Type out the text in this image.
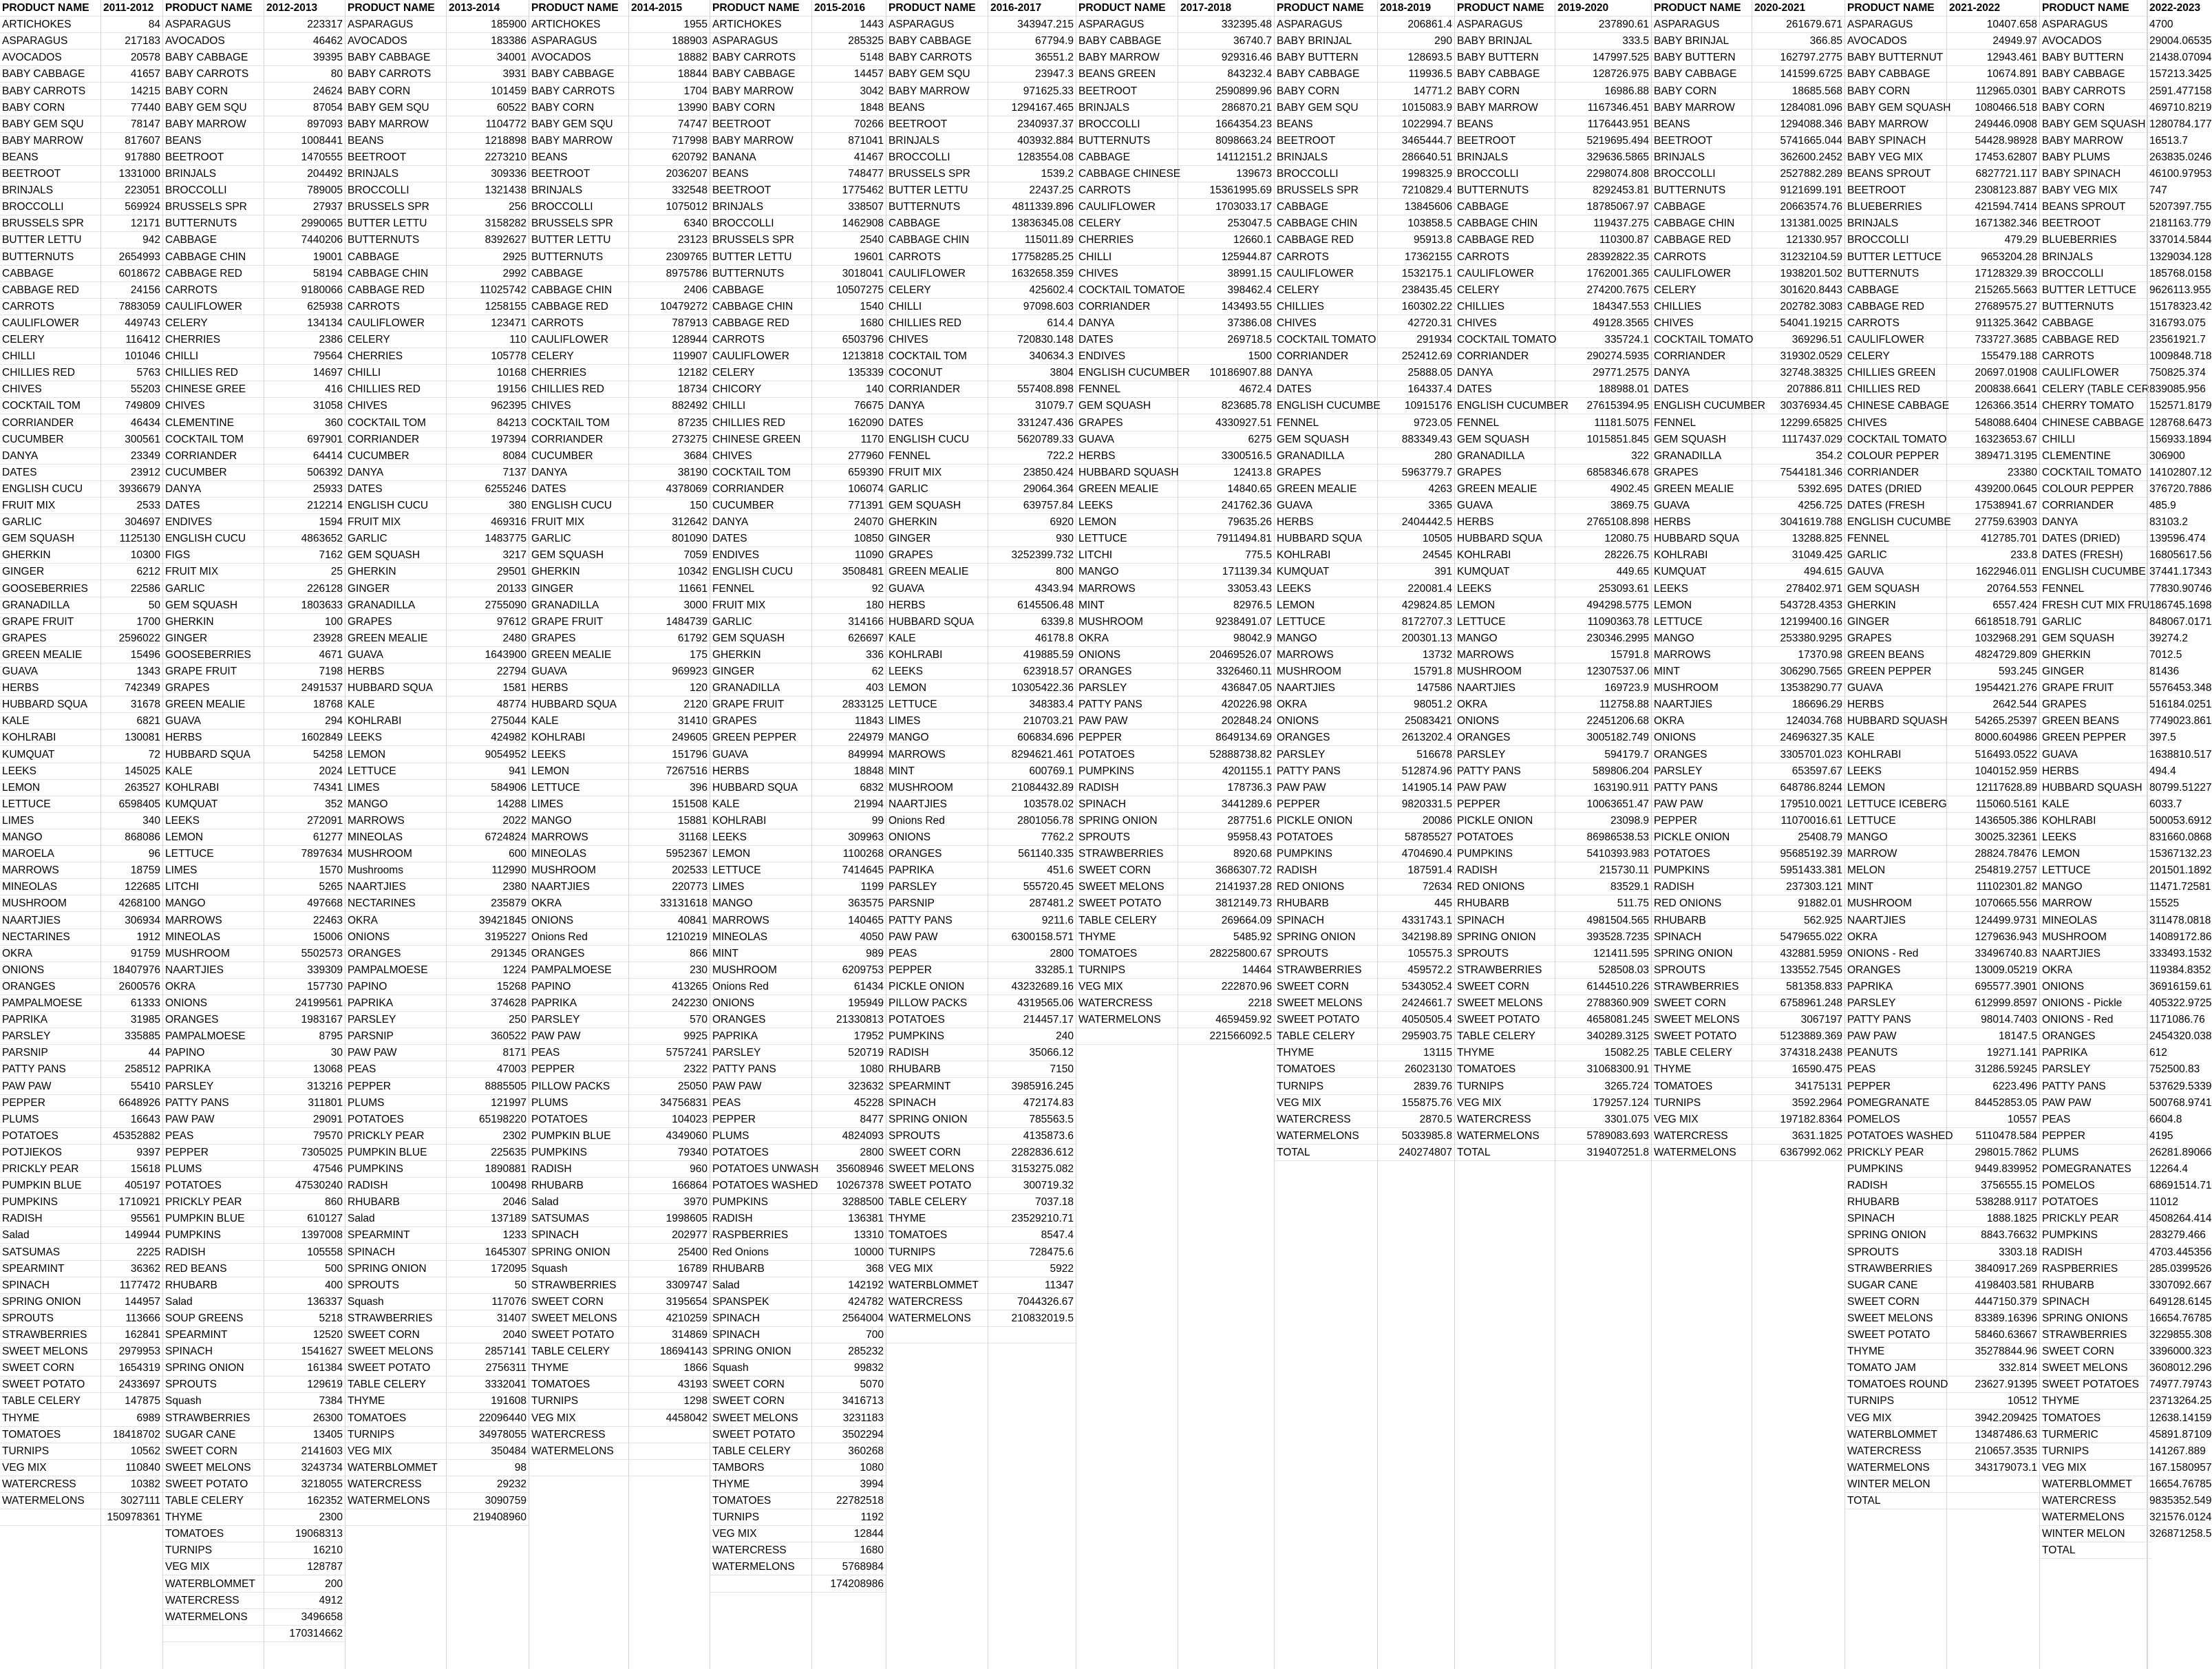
PRODUCT NAME
ARTICHOKES
ASPARAGUS
AVOCADOS
BABY CABBAGE
BABY CARROTS
BABY CORN
BABY GEM SQU
BABY MARROW
BEANS
BEETROOT
BRINJALS
BROCCOLLI
BRUSSELS SPR
BUTTER LETTU
BUTTERNUTS
CABBAGE
CABBAGE RED
CARROTS
CAULIFLOWER
CELERY
CHILLI
CHILLIES RED
CHIVES
COCKTAIL TOM
CORRIANDER
CUCUMBER
DANYA
DATES
ENGLISH CUCU
FRUIT MIX
GARLIC
GEM SQUASH
GHERKIN
GINGER
GOOSEBERRIES
GRANADILLA
GRAPE FRUIT
GRAPES
GREEN MEALIE
GUAVA
HERBS
HUBBARD SQUA
KALE
KOHLRABI
KUMQUAT
LEEKS
LEMON
LETTUCE
LIMES
MANGO
MAROELA
MARROWS
MINEOLAS
MUSHROOM
NAARTJIES
NECTARINES
OKRA
ONIONS
ORANGES
PAMPALMOESE
PAPRIKA
PARSLEY
PARSNIP
PATTY PANS
PAW PAW
PEPPER
PLUMS
POTATOES
POTJIEKOS
PRICKLY PEAR
PUMPKIN BLUE
PUMPKINS
RADISH
Salad
SATSUMAS
SPEARMINT
SPINACH
SPRING ONION
SPROUTS
STRAWBERRIES
SWEET MELONS
SWEET CORN
SWEET POTATO
TABLE CELERY
THYME
TOMATOES
TURNIPS
VEG MIX
WATERCRESS
WATERMELONS
2011-2012
84
217183
20578
41657
14215
77440
78147
817607
917880
1331000
223051
569924
12171
942
2654993
6018672
24156
7883059
449743
116412
101046
5763
55203
749809
46434
300561
23349
23912
3936679
2533
304697
1125130
10300
6212
22586
50
1700
2596022
15496
1343
742349
31678
6821
130081
72
145025
263527
6598405
340
868086
96
18759
122685
4268100
306934
1912
91759
18407976
2600576
61333
31985
335885
44
258512
55410
6648926
16643
45352882
9397
15618
405197
1710921
95561
149944
2225
36362
1177472
144957
113666
162841
2979953
1654319
2433697
147875
6989
18418702
10562
110840
10382
3027111
150978361
PRODUCT NAME
ASPARAGUS
AVOCADOS
BABY CABBAGE
BABY CARROTS
BABY CORN
BABY GEM SQU
BABY MARROW
BEANS
BEETROOT
BRINJALS
BROCCOLLI
BRUSSELS SPR
BUTTERNUTS
CABBAGE
CABBAGE CHIN
CABBAGE RED
CARROTS
CAULIFLOWER
CELERY
CHERRIES
CHILLI
CHILLIES RED
CHINESE GREE
CHIVES
CLEMENTINE
COCKTAIL TOM
CORRIANDER
CUCUMBER
DANYA
DATES
ENDIVES
ENGLISH CUCU
FIGS
FRUIT MIX
GARLIC
GEM SQUASH
GHERKIN
GINGER
GOOSEBERRIES
GRAPE FRUIT
GRAPES
GREEN MEALIE
GUAVA
HERBS
HUBBARD SQUA
KALE
KOHLRABI
KUMQUAT
LEEKS
LEMON
LETTUCE
LIMES
LITCHI
MANGO
MARROWS
MINEOLAS
MUSHROOM
NAARTJIES
OKRA
ONIONS
ORANGES
PAMPALMOESE
PAPINO
PAPRIKA
PARSLEY
PATTY PANS
PAW PAW
PEAS
PEPPER
PLUMS
POTATOES
PRICKLY PEAR
PUMPKIN BLUE
PUMPKINS
RADISH
RED BEANS
RHUBARB
Salad
SOUP GREENS
SPEARMINT
SPINACH
SPRING ONION
SPROUTS
Squash
STRAWBERRIES
SUGAR CANE
SWEET CORN
SWEET MELONS
SWEET POTATO
TABLE CELERY
THYME
TOMATOES
TURNIPS
VEG MIX
WATERBLOMMET
WATERCRESS
WATERMELONS
2012-2013
223317
46462
39395
80
24624
87054
897093
1008441
1470555
204492
789005
27937
2990065
7440206
19001
58194
9180066
625938
134134
2386
79564
14697
416
31058
360
697901
64414
506392
25933
212214
1594
4863652
7162
25
226128
1803633
100
23928
4671
7198
2491537
18768
294
1602849
54258
2024
74341
352
272091
61277
7897634
1570
5265
497668
22463
15006
5502573
339309
157730
24199561
1983167
8795
30
13068
313216
311801
29091
79570
7305025
47546
47530240
860
610127
1397008
105558
500
400
136337
5218
12520
1541627
161384
129619
7384
26300
13405
2141603
3243734
3218055
162352
2300
19068313
16210
128787
200
4912
3496658
170314662
PRODUCT NAME
ASPARAGUS
AVOCADOS
BABY CABBAGE
BABY CARROTS
BABY CORN
BABY GEM SQU
BABY MARROW
BEANS
BEETROOT
BRINJALS
BROCCOLLI
BRUSSELS SPR
BUTTER LETTU
BUTTERNUTS
CABBAGE
CABBAGE CHIN
CABBAGE RED
CARROTS
CAULIFLOWER
CELERY
CHERRIES
CHILLI
CHILLIES RED
CHIVES
COCKTAIL TOM
CORRIANDER
CUCUMBER
DANYA
DATES
ENGLISH CUCU
FRUIT MIX
GARLIC
GEM SQUASH
GHERKIN
GINGER
GRANADILLA
GRAPES
GREEN MEALIE
GUAVA
HERBS
HUBBARD SQUA
KALE
KOHLRABI
LEEKS
LEMON
LETTUCE
LIMES
MANGO
MARROWS
MINEOLAS
MUSHROOM
Mushrooms
NAARTJIES
NECTARINES
OKRA
ONIONS
ORANGES
PAMPALMOESE
PAPINO
PAPRIKA
PARSLEY
PARSNIP
PAW PAW
PEAS
PEPPER
PLUMS
POTATOES
PRICKLY PEAR
PUMPKIN BLUE
PUMPKINS
RADISH
RHUBARB
Salad
SPEARMINT
SPINACH
SPRING ONION
SPROUTS
Squash
STRAWBERRIES
SWEET CORN
SWEET MELONS
SWEET POTATO
TABLE CELERY
THYME
TOMATOES
TURNIPS
VEG MIX
WATERBLOMMET
WATERCRESS
WATERMELONS
2013-2014
185900
183386
34001
3931
101459
60522
1104772
1218898
2273210
309336
1321438
256
3158282
8392627
2925
2992
11025742
1258155
123471
110
105778
10168
19156
962395
84213
197394
8084
7137
6255246
380
469316
1483775
3217
29501
20133
2755090
97612
2480
1643900
22794
1581
48774
275044
424982
9054952
941
584906
14288
2022
6724824
600
112990
2380
235879
39421845
3195227
291345
1224
15268
374628
250
360522
8171
47003
8885505
121997
65198220
2302
225635
1890881
100498
2046
137189
1233
1645307
172095
50
117076
31407
2040
2857141
2756311
3332041
191608
22096440
34978055
350484
98
29232
3090759
219408960
PRODUCT NAME
ARTICHOKES
ASPARAGUS
AVOCADOS
BABY CABBAGE
BABY CARROTS
BABY CORN
BABY GEM SQU
BABY MARROW
BEANS
BEETROOT
BRINJALS
BROCCOLLI
BRUSSELS SPR
BUTTER LETTU
BUTTERNUTS
CABBAGE
CABBAGE CHIN
CABBAGE RED
CARROTS
CAULIFLOWER
CELERY
CHERRIES
CHILLIES RED
CHIVES
COCKTAIL TOM
CORRIANDER
CUCUMBER
DANYA
DATES
ENGLISH CUCU
FRUIT MIX
GARLIC
GEM SQUASH
GHERKIN
GINGER
GRANADILLA
GRAPE FRUIT
GRAPES
GREEN MEALIE
GUAVA
HERBS
HUBBARD SQUA
KALE
KOHLRABI
LEEKS
LEMON
LETTUCE
LIMES
MANGO
MARROWS
MINEOLAS
MUSHROOM
NAARTJIES
OKRA
ONIONS
Onions Red
ORANGES
PAMPALMOESE
PAPINO
PAPRIKA
PARSLEY
PAW PAW
PEAS
PEPPER
PILLOW PACKS
PLUMS
POTATOES
PUMPKIN BLUE
PUMPKINS
RADISH
RHUBARB
Salad
SATSUMAS
SPINACH
SPRING ONION
Squash
STRAWBERRIES
SWEET CORN
SWEET MELONS
SWEET POTATO
TABLE CELERY
THYME
TOMATOES
TURNIPS
VEG MIX
WATERCRESS
WATERMELONS
2014-2015
1955
188903
18882
18844
1704
13990
74747
717998
620792
2036207
332548
1075012
6340
23123
2309765
8975786
2406
10479272
787913
128944
119907
12182
18734
882492
87235
273275
3684
38190
4378069
150
312642
801090
7059
10342
11661
3000
1484739
61792
175
969923
120
2120
31410
249605
151796
7267516
396
151508
15881
31168
5952367
202533
220773
33131618
40841
1210219
866
230
413265
242230
570
9925
5757241
2322
25050
34756831
104023
4349060
79340
960
166864
3970
1998605
202977
25400
16789
3309747
3195654
4210259
314869
18694143
1866
43193
1298
4458042
PRODUCT NAME
ARTICHOKES
ASPARAGUS
BABY CARROTS
BABY CABBAGE
BABY MARROW
BABY CORN
BEETROOT
BABY MARROW
BANANA
BEANS
BEETROOT
BRINJALS
BROCCOLLI
BRUSSELS SPR
BUTTER LETTU
BUTTERNUTS
CABBAGE
CABBAGE CHIN
CABBAGE RED
CARROTS
CAULIFLOWER
CELERY
CHICORY
CHILLI
CHILLIES RED
CHINESE GREEN
CHIVES
COCKTAIL TOM
CORRIANDER
CUCUMBER
DANYA
DATES
ENDIVES
ENGLISH CUCU
FENNEL
FRUIT MIX
GARLIC
GEM SQUASH
GHERKIN
GINGER
GRANADILLA
GRAPE FRUIT
GRAPES
GREEN PEPPER
GUAVA
HERBS
HUBBARD SQUA
KALE
KOHLRABI
LEEKS
LEMON
LETTUCE
LIMES
MANGO
MARROWS
MINEOLAS
MINT
MUSHROOM
Onions Red
ONIONS
ORANGES
PAPRIKA
PARSLEY
PATTY PANS
PAW PAW
PEAS
PEPPER
PLUMS
POTATOES
POTATOES UNWASH
POTATOES WASHED
PUMPKINS
RADISH
RASPBERRIES
Red Onions
RHUBARB
Salad
SPANSPEK
SPINACH
SPINACH
SPRING ONION
Squash
SWEET CORN
SWEET CORN
SWEET MELONS
SWEET POTATO
TABLE CELERY
TAMBORS
THYME
TOMATOES
TURNIPS
VEG MIX
WATERCRESS
WATERMELONS
2015-2016
1443
285325
5148
14457
3042
1848
70266
871041
41467
748477
1775462
338507
1462908
2540
19601
3018041
10507275
1540
1680
6503796
1213818
135339
140
76675
162090
1170
277960
659390
106074
771391
24070
10850
11090
3508481
92
180
314166
626697
336
62
403
2833125
11843
224979
849994
18848
6832
21994
99
309963
1100268
7414645
1199
363575
140465
4050
989
6209753
61434
195949
21330813
17952
520719
1080
323632
45228
8477
4824093
2800
35608946
10267378
3288500
136381
13310
10000
368
142192
424782
2564004
700
285232
99832
5070
3416713
3231183
3502294
360268
1080
3994
22782518
1192
12844
1680
5768984
174208986
PRODUCT NAME
ASPARAGUS
BABY CABBAGE
BABY CARROTS
BABY GEM SQU
BABY MARROW
BEANS
BEETROOT
BRINJALS
BROCCOLLI
BRUSSELS SPR
BUTTER LETTU
BUTTERNUTS
CABBAGE
CABBAGE CHIN
CARROTS
CAULIFLOWER
CELERY
CHILLI
CHILLIES RED
CHIVES
COCKTAIL TOM
COCONUT
CORRIANDER
DANYA
DATES
ENGLISH CUCU
FENNEL
FRUIT MIX
GARLIC
GEM SQUASH
GHERKIN
GINGER
GRAPES
GREEN MEALIE
GUAVA
HERBS
HUBBARD SQUA
KALE
KOHLRABI
LEEKS
LEMON
LETTUCE
LIMES
MANGO
MARROWS
MINT
MUSHROOM
NAARTJIES
Onions Red
ONIONS
ORANGES
PAPRIKA
PARSLEY
PARSNIP
PATTY PANS
PAW PAW
PEAS
PEPPER
PICKLE ONION
PILLOW PACKS
POTATOES
PUMPKINS
RADISH
RHUBARB
SPEARMINT
SPINACH
SPRING ONION
SPROUTS
SWEET CORN
SWEET MELONS
SWEET POTATO
TABLE CELERY
THYME
TOMATOES
TURNIPS
VEG MIX
WATERBLOMMET
WATERCRESS
WATERMELONS
2016-2017
343947.215
67794.9
36551.2
23947.3
971625.33
1294167.465
2340937.37
403932.884
1283554.08
1539.2
22437.25
4811339.896
13836345.08
115011.89
17758285.25
1632658.359
425602.4
97098.603
614.4
720830.148
340634.3
3804
557408.898
31079.7
331247.436
5620789.33
722.2
23850.424
29064.364
639757.84
6920
930
3252399.732
800
4343.94
6145506.48
6339.8
46178.8
419885.59
623918.57
10305422.36
348383.4
210703.21
606834.696
8294621.461
600769.1
21084432.89
103578.02
2801056.78
7762.2
561140.335
451.6
555720.45
287481.2
9211.6
6300158.571
2800
33285.1
43232689.16
4319565.06
214457.17
240
35066.12
7150
3985916.245
472174.83
785563.5
4135873.6
2282836.612
3153275.082
300719.32
7037.18
23529210.71
8547.4
728475.6
5922
11347
7044326.67
210832019.5
PRODUCT NAME
ASPARAGUS
BABY CABBAGE
BABY MARROW
BEANS GREEN
BEETROOT
BRINJALS
BROCCOLLI
BUTTERNUTS
CABBAGE
CABBAGE CHINESE
CARROTS
CAULIFLOWER
CELERY
CHERRIES
CHILLI
CHIVES
COCKTAIL TOMATOE
CORRIANDER
DANYA
DATES
ENDIVES
ENGLISH CUCUMBER
FENNEL
GEM SQUASH
GRAPES
GUAVA
HERBS
HUBBARD SQUASH
GREEN MEALIE
LEEKS
LEMON
LETTUCE
LITCHI
MANGO
MARROWS
MINT
MUSHROOM
OKRA
ONIONS
ORANGES
PARSLEY
PATTY PANS
PAW PAW
PEPPER
POTATOES
PUMPKINS
RADISH
SPINACH
SPRING ONION
SPROUTS
STRAWBERRIES
SWEET CORN
SWEET MELONS
SWEET POTATO
TABLE CELERY
THYME
TOMATOES
TURNIPS
VEG MIX
WATERCRESS
WATERMELONS
2017-2018
332395.48
36740.7
929316.46
843232.4
2590899.96
286870.21
1664354.23
8098663.24
14112151.2
139673
15361995.69
1703033.17
253047.5
12660.1
125944.87
38991.15
398462.4
143493.55
37386.08
269718.5
1500
10186907.88
4672.4
823685.78
4330927.51
6275
3300516.5
12413.8
14840.65
241762.36
79635.26
7911494.81
775.5
171139.34
33053.43
82976.5
9238491.07
98042.9
20469526.07
3326460.11
436847.05
420226.98
202848.24
8649134.69
52888738.82
4201155.1
178736.3
3441289.6
287751.6
95958.43
8920.68
3686307.72
2141937.28
3812149.73
269664.09
5485.92
28225800.67
14464
222870.96
2218
4659459.92
221566092.5
PRODUCT NAME
ASPARAGUS
BABY BRINJAL
BABY BUTTERN
BABY CABBAGE
BABY CORN
BABY GEM SQU
BEANS
BEETROOT
BRINJALS
BROCCOLLI
BRUSSELS SPR
CABBAGE
CABBAGE CHIN
CABBAGE RED
CARROTS
CAULIFLOWER
CELERY
CHILLIES
CHIVES
COCKTAIL TOMATO
CORRIANDER
DANYA
DATES
ENGLISH CUCUMBE
FENNEL
GEM SQUASH
GRANADILLA
GRAPES
GREEN MEALIE
GUAVA
HERBS
HUBBARD SQUA
KOHLRABI
KUMQUAT
LEEKS
LEMON
LETTUCE
MANGO
MARROWS
MUSHROOM
NAARTJIES
OKRA
ONIONS
ORANGES
PARSLEY
PATTY PANS
PAW PAW
PEPPER
PICKLE ONION
POTATOES
PUMPKINS
RADISH
RED ONIONS
RHUBARB
SPINACH
SPRING ONION
SPROUTS
STRAWBERRIES
SWEET CORN
SWEET MELONS
SWEET POTATO
TABLE CELERY
THYME
TOMATOES
TURNIPS
VEG MIX
WATERCRESS
WATERMELONS
TOTAL
2018-2019
206861.4
290
128693.5
119936.5
14771.2
1015083.9
1022994.7
3465444.7
286640.51
1998325.9
7210829.4
13845606
103858.5
95913.8
17362155
1532175.1
238435.45
160302.22
42720.31
291934
252412.69
25888.05
164337.4
10915176
9723.05
883349.43
280
5963779.7
4263
3365
2404442.5
10505
24545
391
220081.4
429824.85
8172707.3
200301.13
13732
15791.8
147586
98051.2
25083421
2613202.4
516678
512874.96
141905.14
9820331.5
20086
58785527
4704690.4
187591.4
72634
445
4331743.1
342198.89
105575.3
459572.2
5343052.4
2424661.7
4050505.4
295903.75
13115
26023130
2839.76
155875.76
2870.5
5033985.8
240274807
PRODUCT NAME
ASPARAGUS
BABY BRINJAL
BABY BUTTERN
BABY CABBAGE
BABY CORN
BABY MARROW
BEANS
BEETROOT
BRINJALS
BROCCOLLI
BUTTERNUTS
CABBAGE
CABBAGE CHIN
CABBAGE RED
CARROTS
CAULIFLOWER
CELERY
CHILLIES
CHIVES
COCKTAIL TOMATO
CORRIANDER
DANYA
DATES
ENGLISH CUCUMBER
FENNEL
GEM SQUASH
GRANADILLA
GRAPES
GREEN MEALIE
GUAVA
HERBS
HUBBARD SQUA
KOHLRABI
KUMQUAT
LEEKS
LEMON
LETTUCE
MANGO
MARROWS
MUSHROOM
NAARTJIES
OKRA
ONIONS
ORANGES
PARSLEY
PATTY PANS
PAW PAW
PEPPER
PICKLE ONION
POTATOES
PUMPKINS
RADISH
RED ONIONS
RHUBARB
SPINACH
SPRING ONION
SPROUTS
STRAWBERRIES
SWEET CORN
SWEET MELONS
SWEET POTATO
TABLE CELERY
THYME
TOMATOES
TURNIPS
VEG MIX
WATERCRESS
WATERMELONS
TOTAL
2019-2020
237890.61
333.5
147997.525
128726.975
16986.88
1167346.451
1176443.951
5219695.494
329636.5865
2298074.808
8292453.81
18785067.97
119437.275
110300.87
28392822.35
1762001.365
274200.7675
184347.553
49128.3565
335724.1
290274.5935
29771.2575
188988.01
27615394.95
11181.5075
1015851.845
322
6858346.678
4902.45
3869.75
2765108.898
12080.75
28226.75
449.65
253093.61
494298.5775
11090363.78
230346.2995
15791.8
12307537.06
169723.9
112758.88
22451206.68
3005182.749
594179.7
589806.204
163190.911
10063651.47
23098.9
86986538.53
5410393.983
215730.11
83529.1
511.75
4981504.565
393528.7235
121411.595
528508.03
6144510.226
2788360.909
4658081.245
340289.3125
15082.25
31068300.91
3265.724
179257.124
3301.075
5789083.693
319407251.8
PRODUCT NAME
ASPARAGUS
BABY BRINJAL
BABY BUTTERN
BABY CABBAGE
BABY CORN
BABY MARROW
BEANS
BEETROOT
BRINJALS
BROCCOLLI
BUTTERNUTS
CABBAGE
CABBAGE CHIN
CABBAGE RED
CARROTS
CAULIFLOWER
CELERY
CHILLIES
CHIVES
COCKTAIL TOMATO
CORRIANDER
DANYA
DATES
ENGLISH CUCUMBER
FENNEL
GEM SQUASH
GRANADILLA
GRAPES
GREEN MEALIE
GUAVA
HERBS
HUBBARD SQUA
KOHLRABI
KUMQUAT
LEEKS
LEMON
LETTUCE
MANGO
MARROWS
MINT
MUSHROOM
NAARTJIES
OKRA
ONIONS
ORANGES
PARSLEY
PATTY PANS
PAW PAW
PEPPER
PICKLE ONION
POTATOES
PUMPKINS
RADISH
RED ONIONS
RHUBARB
SPINACH
SPRING ONION
SPROUTS
STRAWBERRIES
SWEET CORN
SWEET MELONS
SWEET POTATO
TABLE CELERY
THYME
TOMATOES
TURNIPS
VEG MIX
WATERCRESS
WATERMELONS
2020-2021
261679.671
366.85
162797.2775
141599.6725
18685.568
1284081.096
1294088.346
5741665.044
362600.2452
2527882.289
9121699.191
20663574.76
131381.0025
121330.957
31232104.59
1938201.502
301620.8443
202782.3083
54041.19215
369296.51
319302.0529
32748.38325
207886.811
30376934.45
12299.65825
1117437.029
354.2
7544181.346
5392.695
4256.725
3041619.788
13288.825
31049.425
494.615
278402.971
543728.4353
12199400.16
253380.9295
17370.98
306290.7565
13538290.77
186696.29
124034.768
24696327.35
3305701.023
653597.67
648786.8244
179510.0021
11070016.61
25408.79
95685192.39
5951433.381
237303.121
91882.01
562.925
5479655.022
432881.5959
133552.7545
581358.833
6758961.248
3067197
5123889.369
374318.2438
16590.475
34175131
3592.2964
197182.8364
3631.1825
6367992.062
PRODUCT NAME
ASPARAGUS
AVOCADOS
BABY BUTTERNUT
BABY CABBAGE
BABY CORN
BABY GEM SQUASH
BABY MARROW
BABY SPINACH
BABY VEG MIX
BEANS SPROUT
BEETROOT
BLUEBERRIES
BRINJALS
BROCCOLLI
BUTTER LETTUCE
BUTTERNUTS
CABBAGE
CABBAGE RED
CARROTS
CAULIFLOWER
CELERY
CHILLIES GREEN
CHILLIES RED
CHINESE CABBAGE
CHIVES
COCKTAIL TOMATO
COLOUR PEPPER
CORRIANDER
DATES (DRIED
DATES (FRESH
ENGLISH CUCUMBE
FENNEL
GARLIC
GAUVA
GEM SQUASH
GHERKIN
GINGER
GRAPES
GREEN BEANS
GREEN PEPPER
GUAVA
HERBS
HUBBARD SQUASH
KALE
KOHLRABI
LEEKS
LEMON
LETTUCE ICEBERG
LETTUCE
MANGO
MARROW
MELON
MINT
MUSHROOM
NAARTJIES
OKRA
ONIONS - Red
ORANGES
PAPRIKA
PARSLEY
PATTY PANS
PAW PAW
PEANUTS
PEAS
PEPPER
POMEGRANATE
POMELOS
POTATOES WASHED
PRICKLY PEAR
PUMPKINS
RADISH
RHUBARB
SPINACH
SPRING ONION
SPROUTS
STRAWBERRIES
SUGAR CANE
SWEET CORN
SWEET MELONS
SWEET POTATO
THYME
TOMATO JAM
TOMATOES ROUND
TURNIPS
VEG MIX
WATERBLOMMET
WATERCRESS
WATERMELONS
WINTER MELON
TOTAL
2021-2022
10407.658
24949.97
12943.461
10674.891
112965.0301
1080466.518
249446.0908
54428.98928
17453.62807
6827721.117
2308123.887
421594.7414
1671382.346
479.29
9653204.28
17128329.39
215265.5663
27689575.27
911325.3642
733727.3685
155479.188
20697.01908
200838.6641
126366.3514
548088.6404
16323653.67
389471.3195
23380
439200.0645
17538941.67
27759.63903
412785.701
233.8
1622946.011
20764.553
6557.424
6618518.791
1032968.291
4824729.809
593.245
1954421.276
2642.544
54265.25397
8000.604986
516493.0522
1040152.959
12117628.89
115060.5161
1436505.386
30025.32361
28824.78476
254819.2757
11102301.82
1070665.556
124499.9731
1279636.943
33496740.83
13009.05219
695577.3901
612999.8597
98014.7403
18147.5
19271.141
31286.59245
6223.496
84452853.05
10557
5110478.584
298015.7862
9449.839952
3756555.15
538288.9117
1888.1825
8843.76632
3303.18
3840917.269
4198403.581
4447150.379
83389.16396
58460.63667
35278844.96
332.814
23627.91395
10512
3942.209425
13487486.63
210657.3535
343179073.1
PRODUCT NAME
ASPARAGUS
AVOCADOS
BABY BUTTERN
BABY CABBAGE
BABY CARROTS
BABY CORN
BABY GEM SQUASH
BABY MARROW
BABY PLUMS
BABY SPINACH
BABY VEG MIX
BEANS SPROUT
BEETROOT
BLUEBERRIES
BRINJALS
BROCCOLLI
BUTTER LETTUCE
BUTTERNUTS
CABBAGE
CABBAGE RED
CARROTS
CAULIFLOWER
CELERY (TABLE CER
CHERRY TOMATO
CHINESE CABBAGE
CHILLI
CLEMENTINE
COCKTAIL TOMATO
COLOUR PEPPER
CORRIANDER
DANYA
DATES (DRIED)
DATES (FRESH)
ENGLISH CUCUMBE
FENNEL
FRESH CUT MIX FRU
GARLIC
GEM SQUASH
GHERKIN
GINGER
GRAPE FRUIT
GRAPES
GREEN BEANS
GREEN PEPPER
GUAVA
HERBS
HUBBARD SQUASH
KALE
KOHLRABI
LEEKS
LEMON
LETTUCE
MANGO
MARROW
MINEOLAS
MUSHROOM
NAARTJIES
OKRA
ONIONS
ONIONS - Pickle
ONIONS - Red
ORANGES
PAPRIKA
PARSLEY
PATTY PANS
PAW PAW
PEAS
PEPPER
PLUMS
POMEGRANATES
POMELOS
POTATOES
PRICKLY PEAR
PUMPKINS
RADISH
RASPBERRIES
RHUBARB
SPINACH
SPRING ONIONS
STRAWBERRIES
SWEET CORN
SWEET MELONS
SWEET POTATOES
THYME
TOMATOES
TURMERIC
TURNIPS
VEG MIX
WATERBLOMMET
WATERCRESS
WATERMELONS
WINTER MELON
TOTAL
2022-2023
4700
29004.06535
21438.07094
157213.3425
2591.477158
469710.8219
1280784.177
16513.7
263835.0246
46100.97953
747
5207397.755
2181163.779
337014.5844
1329034.128
185768.0158
9626113.955
15178323.42
316793.075
23561921.7
1009848.718
750825.374
839085.956
152571.8179
128768.6473
156933.1894
306900
14102807.12
376720.7886
485.9
83103.2
139596.474
16805617.56
37441.17343
77830.90746
186745.1698
848067.0171
39274.2
7012.5
81436
5576453.348
516184.0251
7749023.861
397.5
1638810.517
494.4
80799.51227
6033.7
500053.6912
831660.0868
15367132.23
201501.1892
11471.72581
15525
311478.0818
14089172.86
333493.1532
119384.8352
36916159.61
405322.9725
1171086.76
2454320.038
612
752500.83
537629.5339
500768.9741
6604.8
4195
26281.89066
12264.4
68691514.71
11012
4508264.414
283279.466
4703.445356
285.0399526
3307092.667
649128.6145
16654.76785
3229855.308
3396000.323
3608012.296
74977.79743
23713264.25
12638.14159
45891.87109
141267.889
167.1580957
16654.76785
9835352.549
321576.0124
326871258.5
